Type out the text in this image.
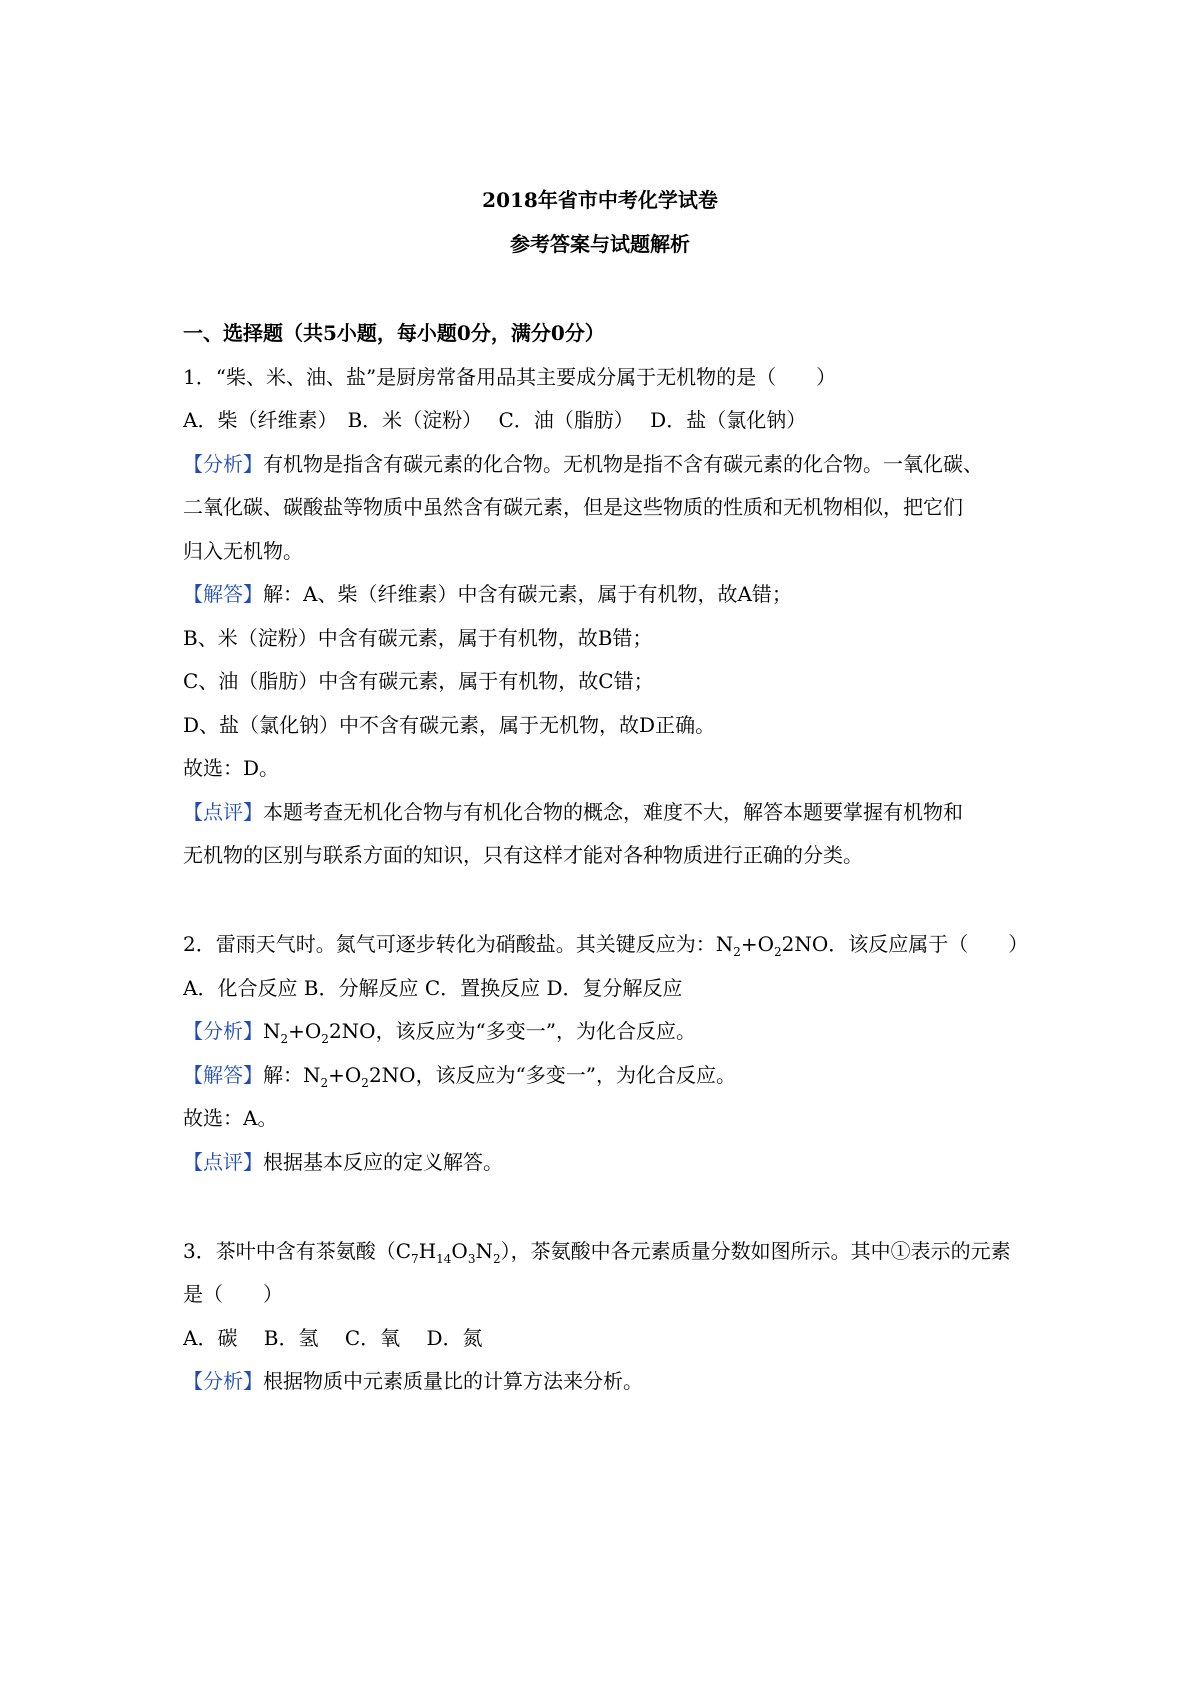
2018年省市中考化学试卷
参考答案与试题解析
一、选择题（共5小题，每小题0分，满分0分）
1．“柴、米、油、盐”是厨房常备用品其主要成分属于无机物的是（　　）
A．柴（纤维素）　B．米（淀粉）　 C．油（脂肪）　 D．盐（氯化钠）
【分析】有机物是指含有碳元素的化合物。无机物是指不含有碳元素的化合物。一氧化碳、
二氧化碳、碳酸盐等物质中虽然含有碳元素，但是这些物质的性质和无机物相似，把它们
归入无机物。
【解答】解：A、柴（纤维素）中含有碳元素，属于有机物，故A错；
B、米（淀粉）中含有碳元素，属于有机物，故B错；
C、油（脂肪）中含有碳元素，属于有机物，故C错；
D、盐（氯化钠）中不含有碳元素，属于无机物，故D正确。
故选：D。
【点评】本题考查无机化合物与有机化合物的概念，难度不大，解答本题要掌握有机物和
无机物的区别与联系方面的知识，只有这样才能对各种物质进行正确的分类。
2．雷雨天气时。氮气可逐步转化为硝酸盐。其关键反应为：$N_2+O_22NO$．该反应属于（　　）
A．化合反应 B．分解反应 C．置换反应 D．复分解反应
【分析】$N_2+O_22NO$，该反应为“多变一”，为化合反应。
【解答】解：$N_2+O_22NO$，该反应为“多变一”，为化合反应。
故选：A。
【点评】根据基本反应的定义解答。
3．茶叶中含有茶氨酸$(C_7H_{14}O_3N_2)$，茶氨酸中各元素质量分数如图所示。其中①表示的元素
是（　　）
A．碳　 B．氢　 C．氧　 D．氮
【分析】根据物质中元素质量比的计算方法来分析。
